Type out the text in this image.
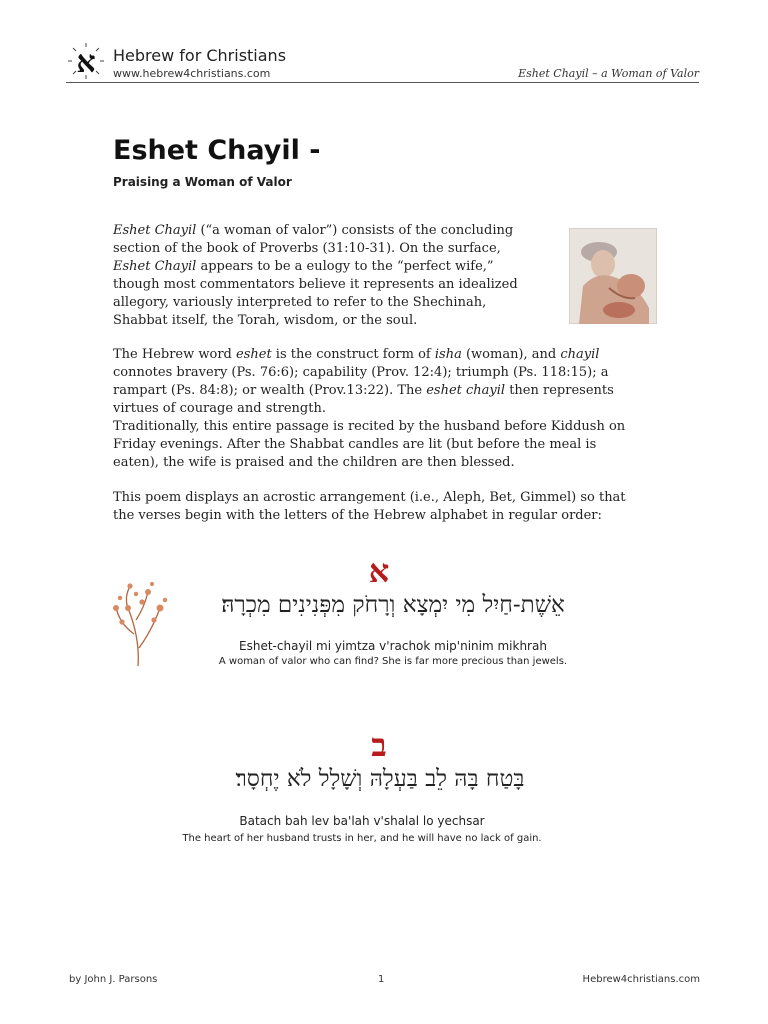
א Hebrew for Christians
www.hebrew4christians.com	Eshet Chayil – a Woman of Valor
Eshet Chayil -
Praising a Woman of Valor
Eshet Chayil (“a woman of valor”) consists of the concluding section of the book of Proverbs (31:10-31). On the surface, Eshet Chayil appears to be a eulogy to the “perfect wife,” though most commentators believe it represents an idealized allegory, variously interpreted to refer to the Shechinah, Shabbat itself, the Torah, wisdom, or the soul.
The Hebrew word eshet is the construct form of isha (woman), and chayil connotes bravery (Ps. 76:6); capability (Prov. 12:4); triumph (Ps. 118:15); a rampart (Ps. 84:8); or wealth (Prov.13:22). The eshet chayil then represents virtues of courage and strength.
Traditionally, this entire passage is recited by the husband before Kiddush on Friday evenings. After the Shabbat candles are lit (but before the meal is eaten), the wife is praised and the children are then blessed.
This poem displays an acrostic arrangement (i.e., Aleph, Bet, Gimmel) so that the verses begin with the letters of the Hebrew alphabet in regular order:
א
אֵשֶׁת-חַיִל מִי יִמְצָא וְרָחֹק מִפְּנִינִים מִכְרָהּ׃
Eshet-chayil mi yimtza v'rachok mip'ninim mikhrah
A woman of valor who can find? She is far more precious than jewels.
ב
בָּטַח בָּהּ לֵב בַּעְלָהּ וְשָׁלָל לֹא יֶחְסָר׃
Batach bah lev ba'lah v'shalal lo yechsar
The heart of her husband trusts in her, and he will have no lack of gain.
by John J. Parsons	1	Hebrew4christians.com
